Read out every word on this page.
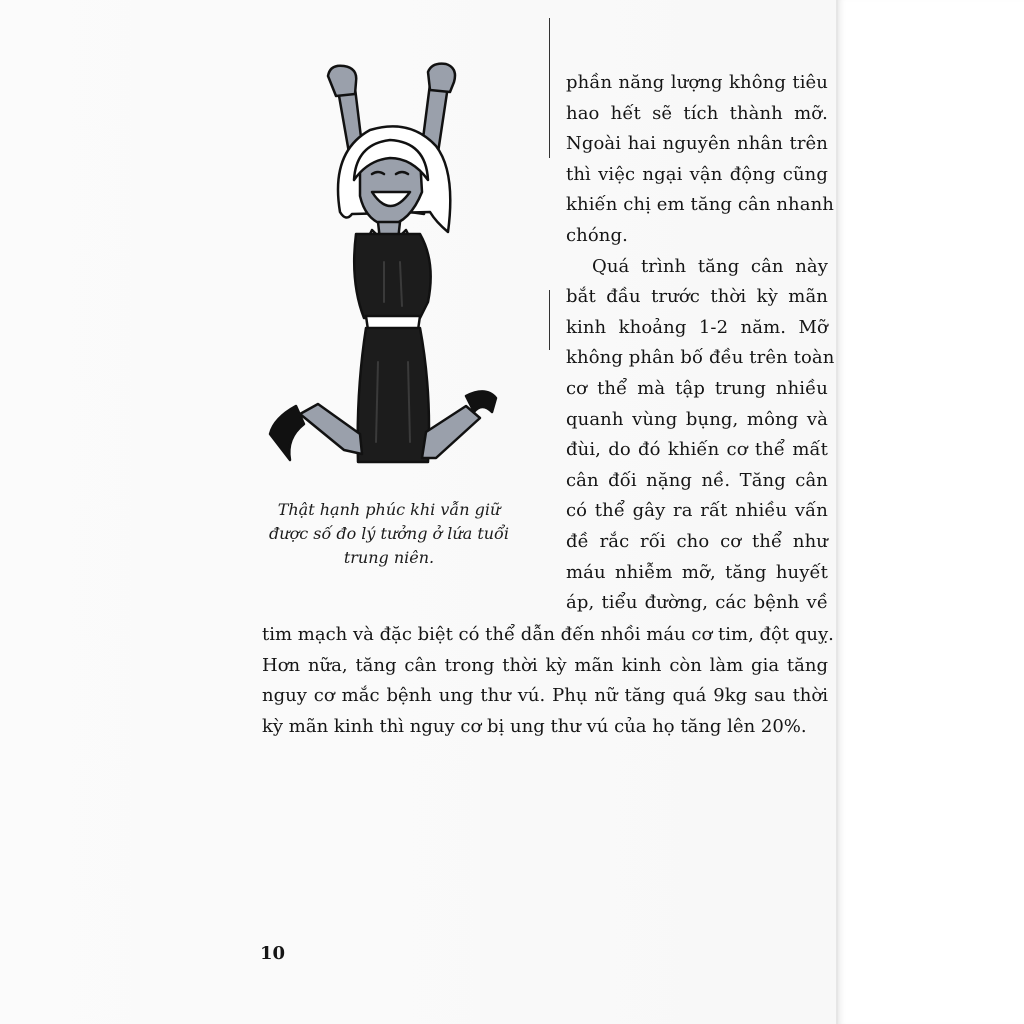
Thật hạnh phúc khi vẫn giữ
được số đo lý tưởng ở lứa tuổi
trung niên.
phần năng lượng không tiêu
hao hết sẽ tích thành mỡ.
Ngoài hai nguyên nhân trên
thì việc ngại vận động cũng
khiến chị em tăng cân nhanh
chóng.
Quá trình tăng cân này
bắt đầu trước thời kỳ mãn
kinh khoảng 1-2 năm. Mỡ
không phân bố đều trên toàn
cơ thể mà tập trung nhiều
quanh vùng bụng, mông và
đùi, do đó khiến cơ thể mất
cân đối nặng nề. Tăng cân
có thể gây ra rất nhiều vấn
đề rắc rối cho cơ thể như
máu nhiễm mỡ, tăng huyết
áp, tiểu đường, các bệnh về
tim mạch và đặc biệt có thể dẫn đến nhồi máu cơ tim, đột quỵ.
Hơn nữa, tăng cân trong thời kỳ mãn kinh còn làm gia tăng
nguy cơ mắc bệnh ung thư vú. Phụ nữ tăng quá 9kg sau thời
kỳ mãn kinh thì nguy cơ bị ung thư vú của họ tăng lên 20%.
10
